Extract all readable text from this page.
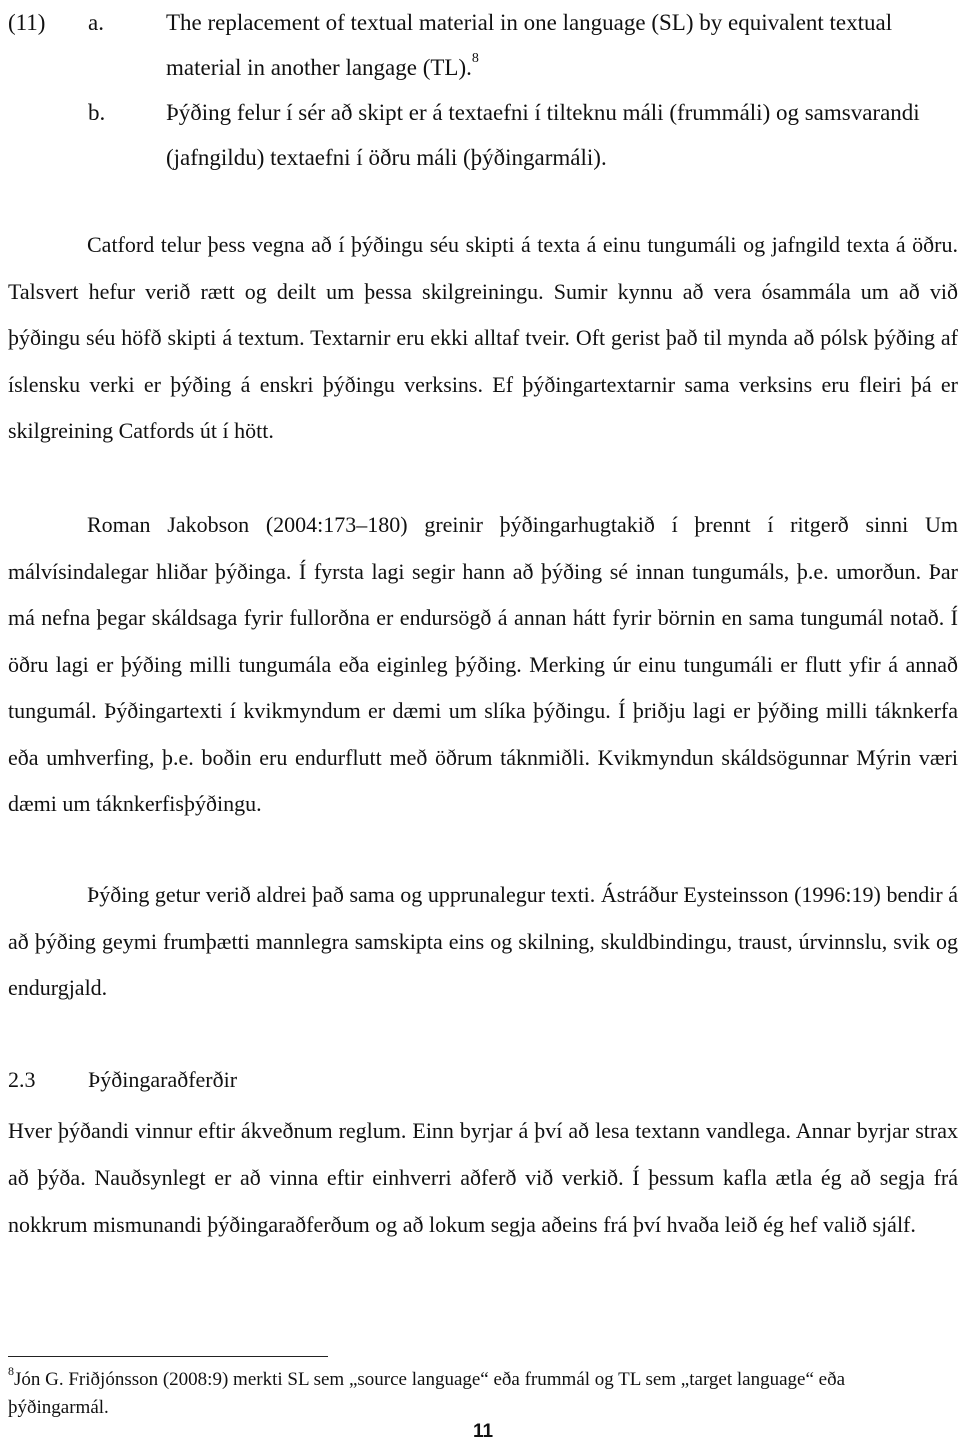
(11) a.	The replacement of textual material in one language (SL) by equivalent textual material in another langage (TL).$^8$
b.	Þýðing felur í sér að skipt er á textaefni í tilteknu máli (frummáli) og samsvarandi (jafngildu) textaefni í öðru máli (þýðingarmáli).

Catford telur þess vegna að í þýðingu séu skipti á texta á einu tungumáli og jafngild texta á öðru. Talsvert hefur verið rætt og deilt um þessa skilgreiningu. Sumir kynnu að vera ósammála um að við þýðingu séu höfð skipti á textum. Textarnir eru ekki alltaf tveir. Oft gerist það til mynda að pólsk þýðing af íslensku verki er þýðing á enskri þýðingu verksins. Ef þýðingartextarnir sama verksins eru fleiri þá er skilgreining Catfords út í hött.

Roman Jakobson (2004:173–180) greinir þýðingarhugtakið í þrennt í ritgerð sinni Um málvísindalegar hliðar þýðinga. Í fyrsta lagi segir hann að þýðing sé innan tungumáls, þ.e. umorðun. Þar má nefna þegar skáldsaga fyrir fullorðna er endursögð á annan hátt fyrir börnin en sama tungumál notað. Í öðru lagi er þýðing milli tungumála eða eiginleg þýðing. Merking úr einu tungumáli er flutt yfir á annað tungumál. Þýðingartexti í kvikmyndum er dæmi um slíka þýðingu. Í þriðju lagi er þýðing milli táknkerfa eða umhverfing, þ.e. boðin eru endurflutt með öðrum táknmiðli. Kvikmyndun skáldsögunnar Mýrin væri dæmi um táknkerfisþýðingu.

Þýðing getur verið aldrei það sama og upprunalegur texti. Ástráður Eysteinsson (1996:19) bendir á að þýðing geymi frumþætti mannlegra samskipta eins og skilning, skuldbindingu, traust, úrvinnslu, svik og endurgjald.

2.3 Þýðingaraðferðir

Hver þýðandi vinnur eftir ákveðnum reglum. Einn byrjar á því að lesa textann vandlega. Annar byrjar strax að þýða. Nauðsynlegt er að vinna eftir einhverri aðferð við verkið. Í þessum kafla ætla ég að segja frá nokkrum mismunandi þýðingaraðferðum og að lokum segja aðeins frá því hvaða leið ég hef valið sjálf.

$^8$Jón G. Friðjónsson (2008:9) merkti SL sem „source language“ eða frummál og TL sem „target language“ eða þýðingarmál.
11
